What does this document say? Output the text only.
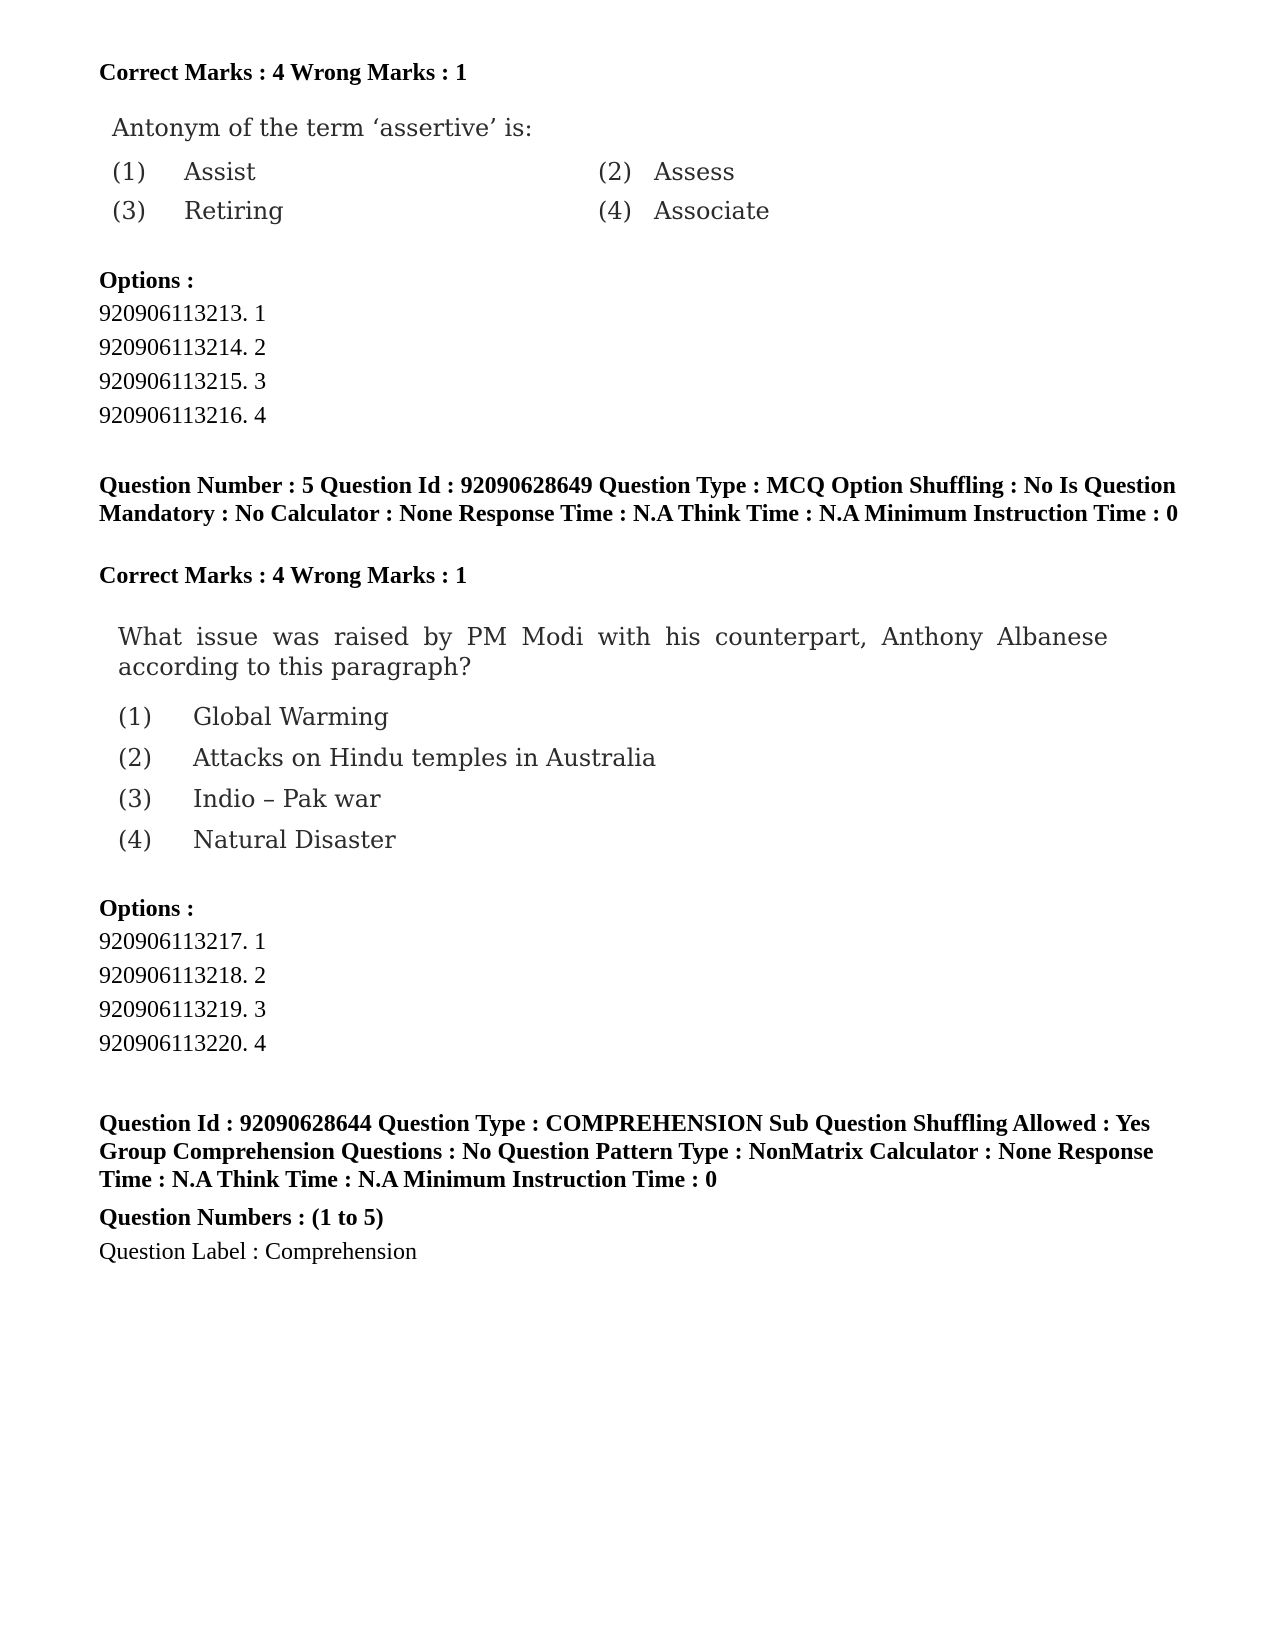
Correct Marks : 4 Wrong Marks : 1
Antonym of the term ‘assertive’ is:
(1) Assist	(2) Assess
(3) Retiring	(4) Associate
Options :
920906113213. 1
920906113214. 2
920906113215. 3
920906113216. 4
Question Number : 5 Question Id : 92090628649 Question Type : MCQ Option Shuffling : No Is Question Mandatory : No Calculator : None Response Time : N.A Think Time : N.A Minimum Instruction Time : 0
Correct Marks : 4 Wrong Marks : 1
What issue was raised by PM Modi with his counterpart, Anthony Albanese according to this paragraph?
(1) Global Warming
(2) Attacks on Hindu temples in Australia
(3) Indio – Pak war
(4) Natural Disaster
Options :
920906113217. 1
920906113218. 2
920906113219. 3
920906113220. 4
Question Id : 92090628644 Question Type : COMPREHENSION Sub Question Shuffling Allowed : Yes Group Comprehension Questions : No Question Pattern Type : NonMatrix Calculator : None Response Time : N.A Think Time : N.A Minimum Instruction Time : 0
Question Numbers : (1 to 5)
Question Label : Comprehension
